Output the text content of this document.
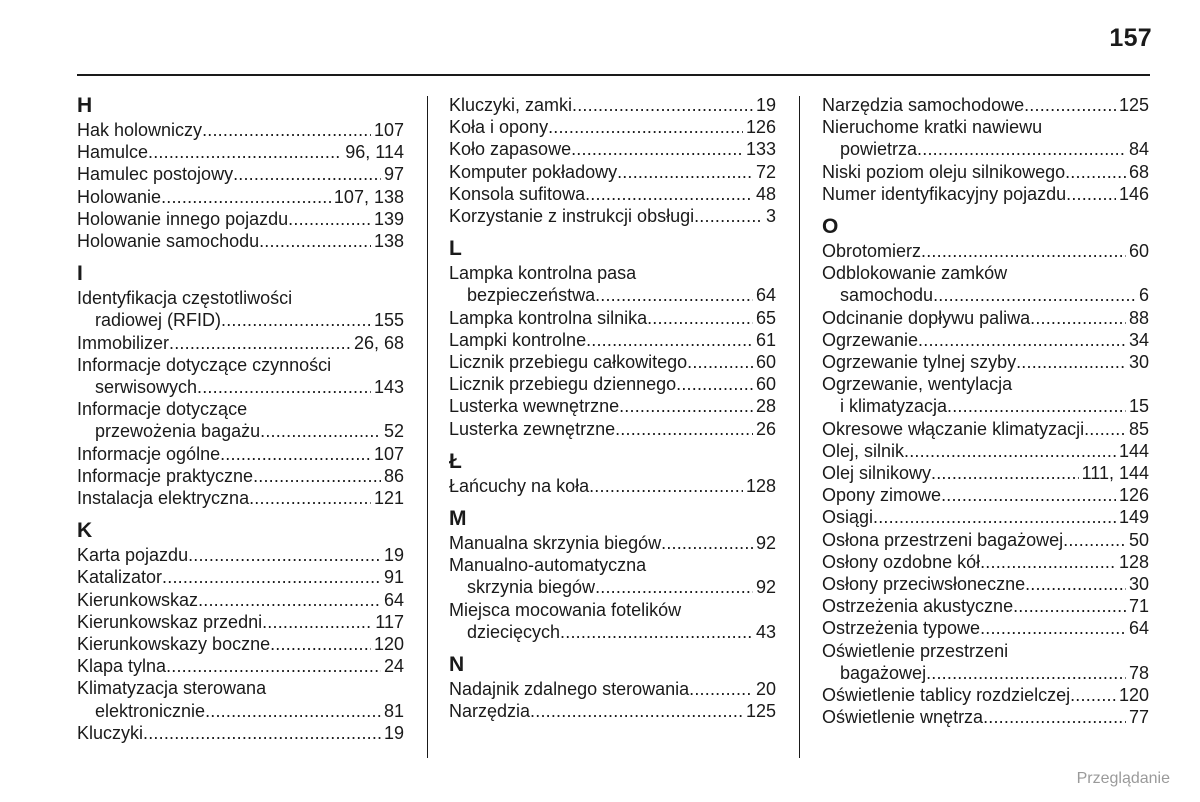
157
H
Hak holowniczy .....	107
Hamulce .....	96, 114
Hamulec postojowy .....	97
Holowanie .....	107, 138
Holowanie innego pojazdu .....	139
Holowanie samochodu .....	138
I
Identyfikacja częstotliwości
radiowej (RFID) .....	155
Immobilizer .....	26, 68
Informacje dotyczące czynności
serwisowych .....	143
Informacje dotyczące
przewożenia bagażu .....	52
Informacje ogólne .....	107
Informacje praktyczne .....	86
Instalacja elektryczna .....	121
K
Karta pojazdu .....	19
Katalizator .....	91
Kierunkowskaz .....	64
Kierunkowskaz przedni .....	117
Kierunkowskazy boczne .....	120
Klapa tylna .....	24
Klimatyzacja sterowana
elektronicznie .....	81
Kluczyki .....	19
Kluczyki, zamki .....	19
Koła i opony .....	126
Koło zapasowe .....	133
Komputer pokładowy .....	72
Konsola sufitowa .....	48
Korzystanie z instrukcji obsługi .....	3
L
Lampka kontrolna pasa
bezpieczeństwa .....	64
Lampka kontrolna silnika .....	65
Lampki kontrolne .....	61
Licznik przebiegu całkowitego .....	60
Licznik przebiegu dziennego .....	60
Lusterka wewnętrzne .....	28
Lusterka zewnętrzne .....	26
Ł
Łańcuchy na koła .....	128
M
Manualna skrzynia biegów .....	92
Manualno-automatyczna
skrzynia biegów .....	92
Miejsca mocowania fotelików
dziecięcych .....	43
N
Nadajnik zdalnego sterowania .....	20
Narzędzia .....	125
Narzędzia samochodowe .....	125
Nieruchome kratki nawiewu
powietrza .....	84
Niski poziom oleju silnikowego .....	68
Numer identyfikacyjny pojazdu .....	146
O
Obrotomierz .....	60
Odblokowanie zamków
samochodu .....	6
Odcinanie dopływu paliwa .....	88
Ogrzewanie .....	34
Ogrzewanie tylnej szyby .....	30
Ogrzewanie, wentylacja
i klimatyzacja .....	15
Okresowe włączanie klimatyzacji ..... 85
Olej, silnik .....	144
Olej silnikowy .....	111, 144
Opony zimowe .....	126
Osiągi .....	149
Osłona przestrzeni bagażowej .....	50
Osłony ozdobne kół .....	128
Osłony przeciwsłoneczne .....	30
Ostrzeżenia akustyczne .....	71
Ostrzeżenia typowe .....	64
Oświetlenie przestrzeni
bagażowej .....	78
Oświetlenie tablicy rozdzielczej .....	120
Oświetlenie wnętrza .....	77
Przeglądanie
